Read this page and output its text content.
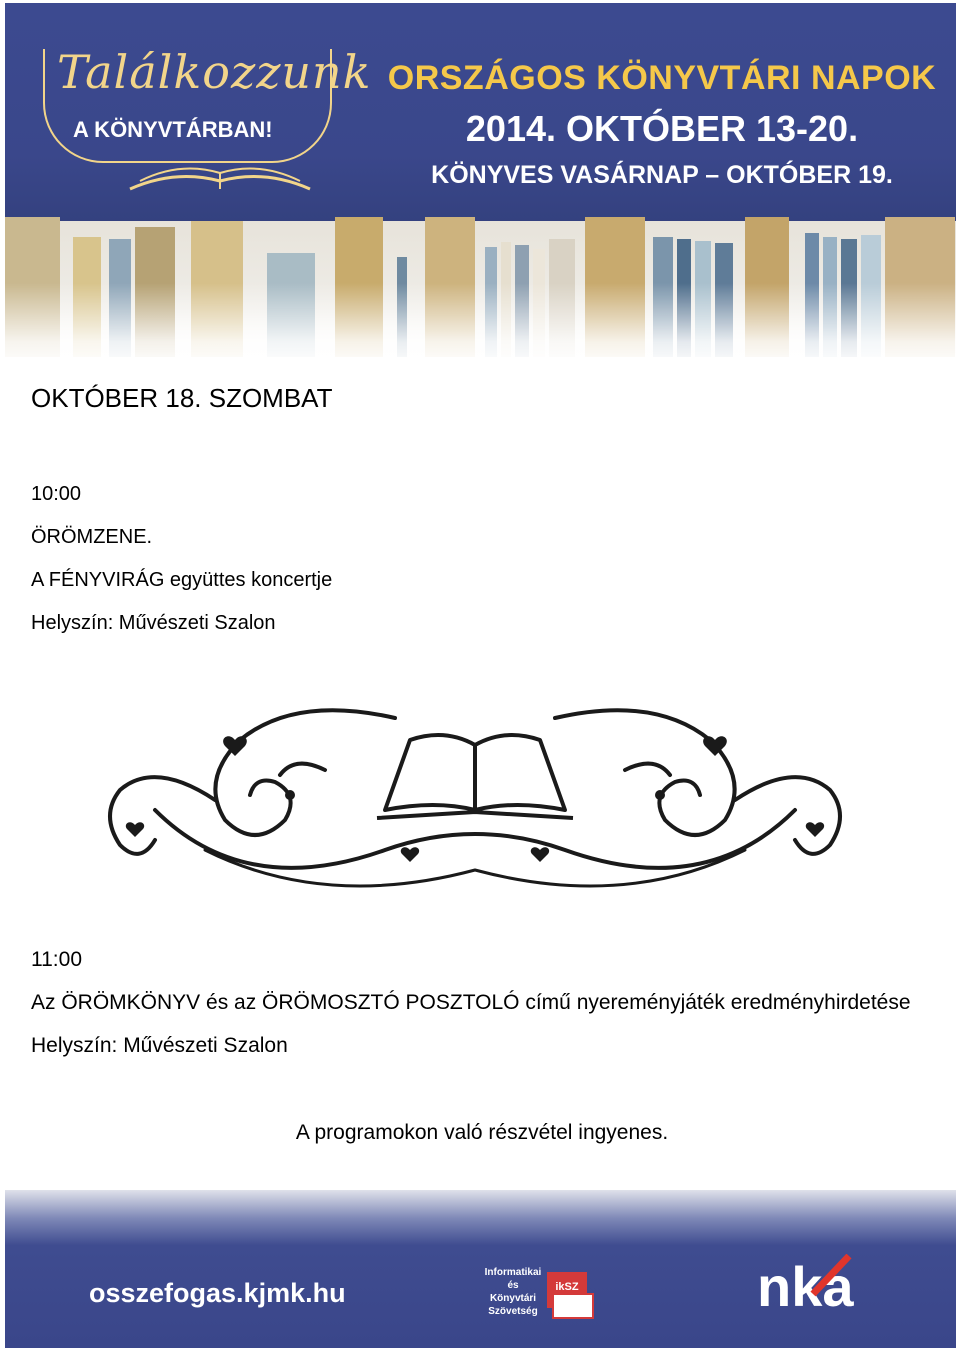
Találkozzunk
A KÖNYVTÁRBAN!
ORSZÁGOS KÖNYVTÁRI NAPOK
2014. OKTÓBER 13-20.
KÖNYVES VASÁRNAP – OKTÓBER 19.
OKTÓBER 18. SZOMBAT
10:00
ÖRÖMZENE.
A FÉNYVIRÁG együttes koncertje
Helyszín: Művészeti Szalon
11:00
Az ÖRÖMKÖNYV és az ÖRÖMOSZTÓ POSZTOLÓ című nyereményjáték eredményhirdetése
Helyszín: Művészeti Szalon
A programokon való részvétel ingyenes.
osszefogas.kjmk.hu
Informatikai
és Könyvtári
Szövetség
ikSZ	nka
